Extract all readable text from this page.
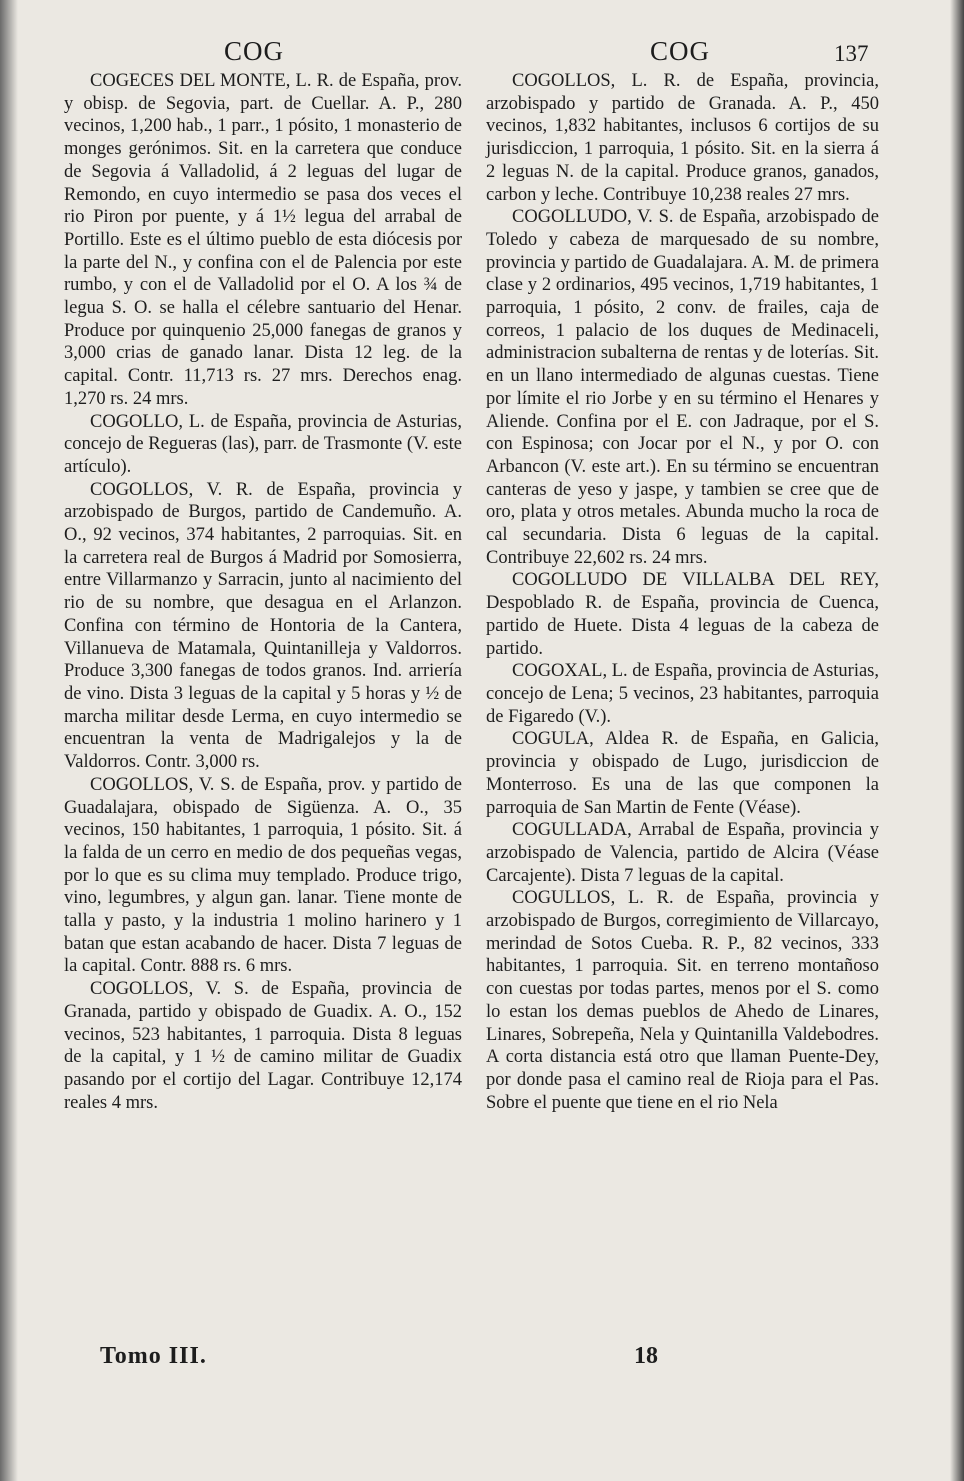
COG	COG	137

COGECES DEL MONTE, L. R. de España, prov. y obisp. de Segovia, part. de Cuellar. A. P., 280 vecinos, 1,200 hab., 1 parr., 1 pósito, 1 monasterio de monges gerónimos. Sit. en la carretera que conduce de Segovia á Valladolid, á 2 leguas del lugar de Remondo, en cuyo intermedio se pasa dos veces el rio Piron por puente, y á 1½ legua del arrabal de Portillo. Este es el último pueblo de esta diócesis por la parte del N., y confina con el de Palencia por este rumbo, y con el de Valladolid por el O. A los ¾ de legua S. O. se halla el célebre santuario del Henar. Produce por quinquenio 25,000 fanegas de granos y 3,000 crias de ganado lanar. Dista 12 leg. de la capital. Contr. 11,713 rs. 27 mrs. Derechos enag. 1,270 rs. 24 mrs.

COGOLLO, L. de España, provincia de Asturias, concejo de Regueras (las), parr. de Trasmonte (V. este artículo).

COGOLLOS, V. R. de España, provincia y arzobispado de Burgos, partido de Candemuño. A. O., 92 vecinos, 374 habitantes, 2 parroquias. Sit. en la carretera real de Burgos á Madrid por Somosierra, entre Villarmanzo y Sarracin, junto al nacimiento del rio de su nombre, que desagua en el Arlanzon. Confina con término de Hontoria de la Cantera, Villanueva de Matamala, Quintanilleja y Valdorros. Produce 3,300 fanegas de todos granos. Ind. arriería de vino. Dista 3 leguas de la capital y 5 horas y ½ de marcha militar desde Lerma, en cuyo intermedio se encuentran la venta de Madrigalejos y la de Valdorros. Contr. 3,000 rs.

COGOLLOS, V. S. de España, prov. y partido de Guadalajara, obispado de Sigüenza. A. O., 35 vecinos, 150 habitantes, 1 parroquia, 1 pósito. Sit. á la falda de un cerro en medio de dos pequeñas vegas, por lo que es su clima muy templado. Produce trigo, vino, legumbres, y algun gan. lanar. Tiene monte de talla y pasto, y la industria 1 molino harinero y 1 batan que estan acabando de hacer. Dista 7 leguas de la capital. Contr. 888 rs. 6 mrs.

COGOLLOS, V. S. de España, provincia de Granada, partido y obispado de Guadix. A. O., 152 vecinos, 523 habitantes, 1 parroquia. Dista 8 leguas de la capital, y 1 ½ de camino militar de Guadix pasando por el cortijo del Lagar. Contribuye 12,174 reales 4 mrs.

COGOLLOS, L. R. de España, provincia, arzobispado y partido de Granada. A. P., 450 vecinos, 1,832 habitantes, inclusos 6 cortijos de su jurisdiccion, 1 parroquia, 1 pósito. Sit. en la sierra á 2 leguas N. de la capital. Produce granos, ganados, carbon y leche. Contribuye 10,238 reales 27 mrs.

COGOLLUDO, V. S. de España, arzobispado de Toledo y cabeza de marquesado de su nombre, provincia y partido de Guadalajara. A. M. de primera clase y 2 ordinarios, 495 vecinos, 1,719 habitantes, 1 parroquia, 1 pósito, 2 conv. de frailes, caja de correos, 1 palacio de los duques de Medinaceli, administracion subalterna de rentas y de loterías. Sit. en un llano intermediado de algunas cuestas. Tiene por límite el rio Jorbe y en su término el Henares y Aliende. Confina por el E. con Jadraque, por el S. con Espinosa; con Jocar por el N., y por O. con Arbancon (V. este art.). En su término se encuentran canteras de yeso y jaspe, y tambien se cree que de oro, plata y otros metales. Abunda mucho la roca de cal secundaria. Dista 6 leguas de la capital. Contribuye 22,602 rs. 24 mrs.

COGOLLUDO DE VILLALBA DEL REY, Despoblado R. de España, provincia de Cuenca, partido de Huete. Dista 4 leguas de la cabeza de partido.

COGOXAL, L. de España, provincia de Asturias, concejo de Lena; 5 vecinos, 23 habitantes, parroquia de Figaredo (V.).

COGULA, Aldea R. de España, en Galicia, provincia y obispado de Lugo, jurisdiccion de Monterroso. Es una de las que componen la parroquia de San Martin de Fente (Véase).

COGULLADA, Arrabal de España, provincia y arzobispado de Valencia, partido de Alcira (Véase Carcajente). Dista 7 leguas de la capital.

COGULLOS, L. R. de España, provincia y arzobispado de Burgos, corregimiento de Villarcayo, merindad de Sotos Cueba. R. P., 82 vecinos, 333 habitantes, 1 parroquia. Sit. en terreno montañoso con cuestas por todas partes, menos por el S. como lo estan los demas pueblos de Ahedo de Linares, Linares, Sobrepeña, Nela y Quintanilla Valdebodres. A corta distancia está otro que llaman Puente-Dey, por donde pasa el camino real de Rioja para el Pas. Sobre el puente que tiene en el rio Nela

Tomo III.	18
